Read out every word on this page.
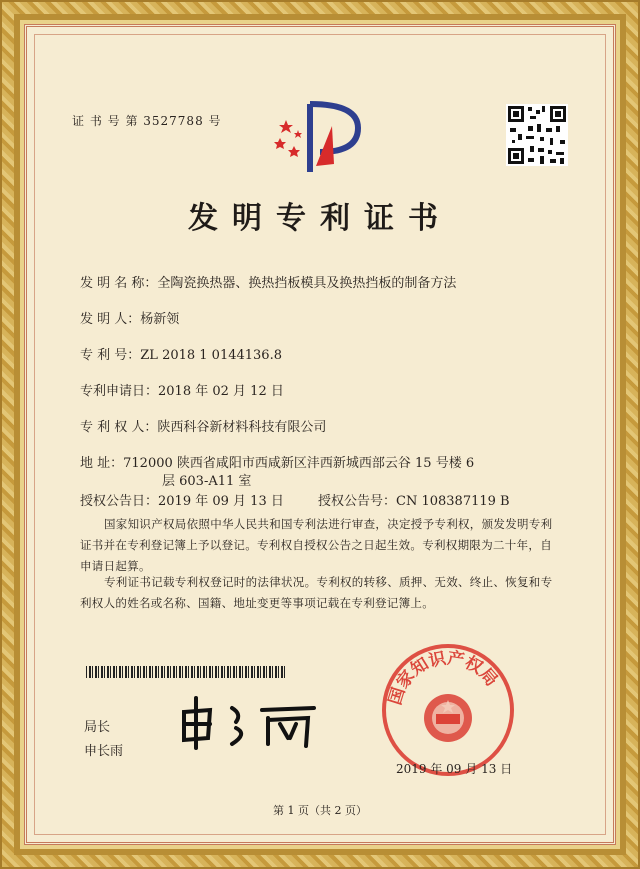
证 书 号 第 3527788 号
发明专利证书
发 明 名 称：全陶瓷换热器、换热挡板模具及换热挡板的制备方法
发 明 人：杨新领
专 利 号：ZL 2018 1 0144136.8
专利申请日：2018 年 02 月 12 日
专 利 权 人：陕西科谷新材料科技有限公司
地 址：712000 陕西省咸阳市西咸新区沣西新城西部云谷 15 号楼 6
层 603-A11 室
授权公告日：2019 年 09 月 13 日	授权公告号：CN 108387119 B
国家知识产权局依照中华人民共和国专利法进行审查，决定授予专利权，颁发发明专利
证书并在专利登记簿上予以登记。专利权自授权公告之日起生效。专利权期限为二十年，自
申请日起算。
专利证书记载专利权登记时的法律状况。专利权的转移、质押、无效、终止、恢复和专
利权人的姓名或名称、国籍、地址变更等事项记载在专利登记簿上。
局长
申长雨
国家知识产权局
2019 年 09 月 13 日
第 1 页（共 2 页）
